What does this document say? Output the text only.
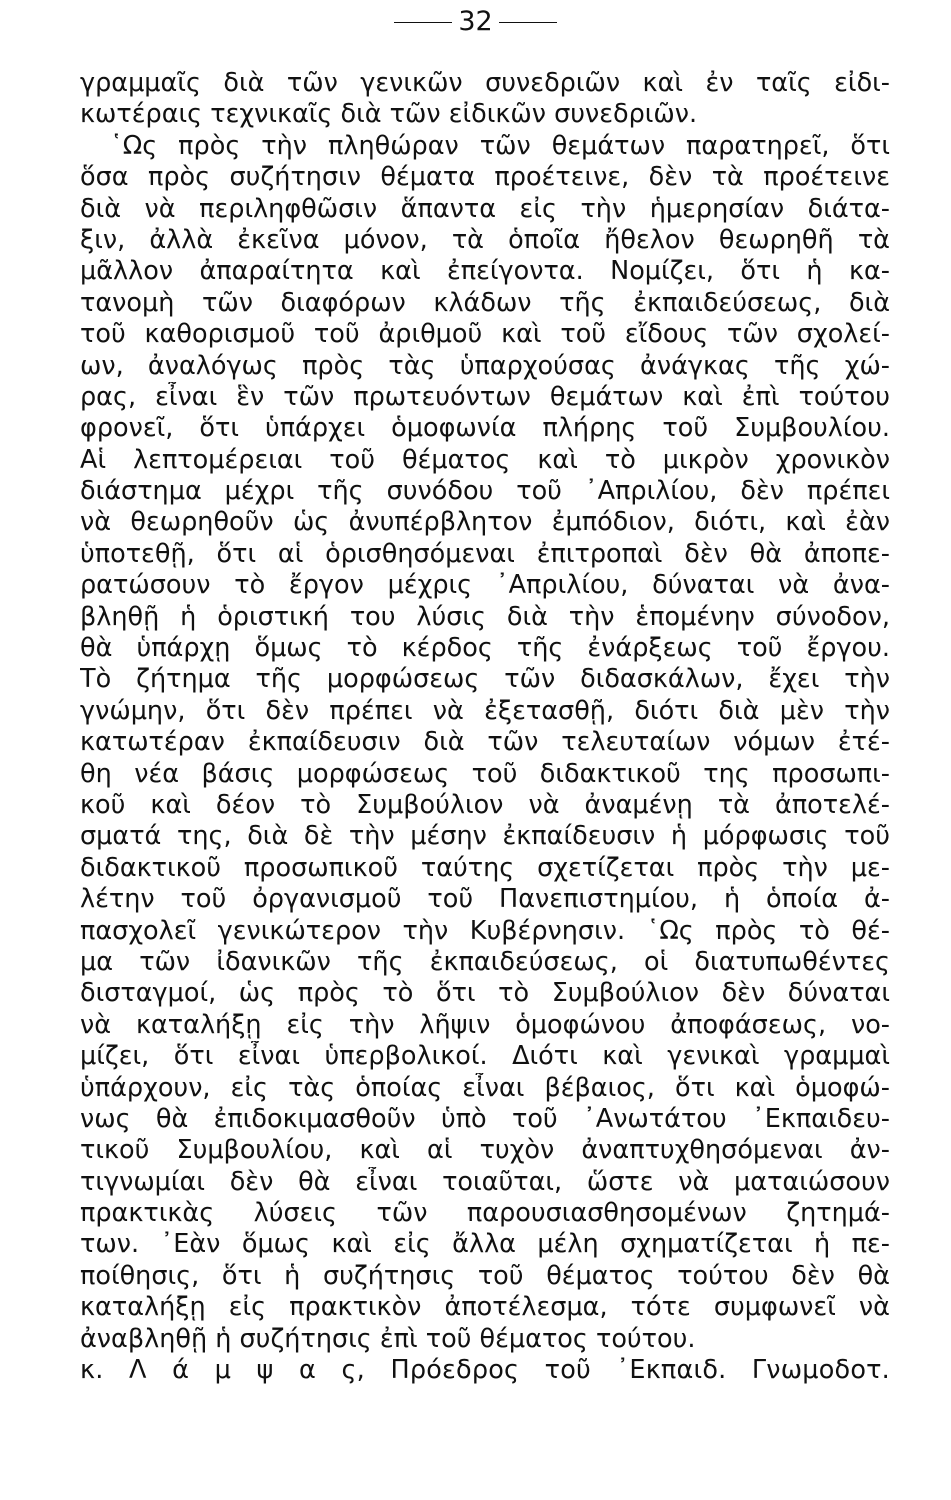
32
γραμμαῖς διὰ τῶν γενικῶν συνεδριῶν καὶ ἐν ταῖς εἰδι-
κωτέραις τεχνικαῖς διὰ τῶν εἰδικῶν συνεδριῶν.
῾Ως πρὸς τὴν πληθώραν τῶν θεμάτων παρατηρεῖ, ὅτι
ὅσα πρὸς συζήτησιν θέματα προέτεινε, δὲν τὰ προέτεινε
διὰ νὰ περιληφθῶσιν ἅπαντα εἰς τὴν ἡμερησίαν διάτα-
ξιν, ἀλλὰ ἐκεῖνα μόνον, τὰ ὁποῖα ἤθελον θεωρηθῆ τὰ
μᾶλλον ἀπαραίτητα καὶ ἐπείγοντα. Νομίζει, ὅτι ἡ κα-
τανομὴ τῶν διαφόρων κλάδων τῆς ἐκπαιδεύσεως, διὰ
τοῦ καθορισμοῦ τοῦ ἀριθμοῦ καὶ τοῦ εἴδους τῶν σχολεί-
ων, ἀναλόγως πρὸς τὰς ὑπαρχούσας ἀνάγκας τῆς χώ-
ρας, εἶναι ἓν τῶν πρωτευόντων θεμάτων καὶ ἐπὶ τούτου
φρονεῖ, ὅτι ὑπάρχει ὁμοφωνία πλήρης τοῦ Συμβουλίου.
Αἱ λεπτομέρειαι τοῦ θέματος καὶ τὸ μικρὸν χρονικὸν
διάστημα μέχρι τῆς συνόδου τοῦ ᾿Απριλίου, δὲν πρέπει
νὰ θεωρηθοῦν ὡς ἀνυπέρβλητον ἐμπόδιον, διότι, καὶ ἐὰν
ὑποτεθῇ, ὅτι αἱ ὁρισθησόμεναι ἐπιτροπαὶ δὲν θὰ ἀποπε-
ρατώσουν τὸ ἔργον μέχρις ᾿Απριλίου, δύναται νὰ ἀνα-
βληθῇ ἡ ὁριστική του λύσις διὰ τὴν ἑπομένην σύνοδον,
θὰ ὑπάρχῃ ὅμως τὸ κέρδος τῆς ἐνάρξεως τοῦ ἔργου.
Τὸ ζήτημα τῆς μορφώσεως τῶν διδασκάλων, ἔχει τὴν
γνώμην, ὅτι δὲν πρέπει νὰ ἐξετασθῇ, διότι διὰ μὲν τὴν
κατωτέραν ἐκπαίδευσιν διὰ τῶν τελευταίων νόμων ἐτέ-
θη νέα βάσις μορφώσεως τοῦ διδακτικοῦ της προσωπι-
κοῦ καὶ δέον τὸ Συμβούλιον νὰ ἀναμένῃ τὰ ἀποτελέ-
σματά της, διὰ δὲ τὴν μέσην ἐκπαίδευσιν ἡ μόρφωσις τοῦ
διδακτικοῦ προσωπικοῦ ταύτης σχετίζεται πρὸς τὴν με-
λέτην τοῦ ὀργανισμοῦ τοῦ Πανεπιστημίου, ἡ ὁποία ἀ-
πασχολεῖ γενικώτερον τὴν Κυβέρνησιν. ῾Ως πρὸς τὸ θέ-
μα τῶν ἰδανικῶν τῆς ἐκπαιδεύσεως, οἱ διατυπωθέντες
δισταγμοί, ὡς πρὸς τὸ ὅτι τὸ Συμβούλιον δὲν δύναται
νὰ καταλήξῃ εἰς τὴν λῆψιν ὁμοφώνου ἀποφάσεως, νο-
μίζει, ὅτι εἶναι ὑπερβολικοί. Διότι καὶ γενικαὶ γραμμαὶ
ὑπάρχουν, εἰς τὰς ὁποίας εἶναι βέβαιος, ὅτι καὶ ὁμοφώ-
νως θὰ ἐπιδοκιμασθοῦν ὑπὸ τοῦ ᾿Ανωτάτου ᾿Εκπαιδευ-
τικοῦ Συμβουλίου, καὶ αἱ τυχὸν ἀναπτυχθησόμεναι ἀν-
τιγνωμίαι δὲν θὰ εἶναι τοιαῦται, ὥστε νὰ ματαιώσουν
πρακτικὰς λύσεις τῶν παρουσιασθησομένων ζητημά-
των. ᾿Εὰν ὅμως καὶ εἰς ἄλλα μέλη σχηματίζεται ἡ πε-
ποίθησις, ὅτι ἡ συζήτησις τοῦ θέματος τούτου δὲν θὰ
καταλήξῃ εἰς πρακτικὸν ἀποτέλεσμα, τότε συμφωνεῖ νὰ
ἀναβληθῇ ἡ συζήτησις ἐπὶ τοῦ θέματος τούτου.
κ. Λ ά μ ψ α ς, Πρόεδρος τοῦ ᾿Εκπαιδ. Γνωμοδοτ.
